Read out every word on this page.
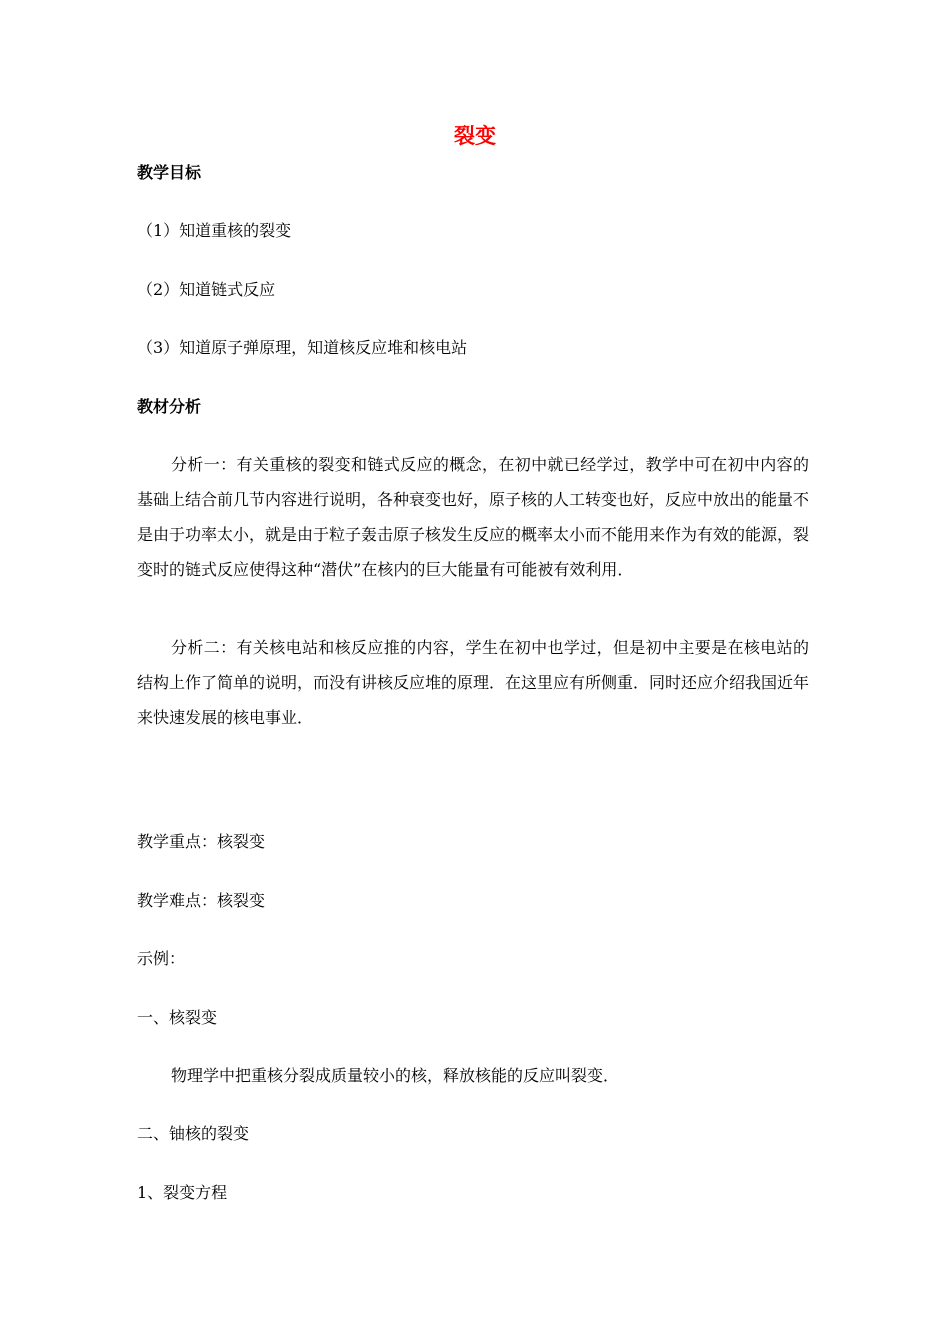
裂变
教学目标
（1）知道重核的裂变
（2）知道链式反应
（3）知道原子弹原理，知道核反应堆和核电站
教材分析
分析一：有关重核的裂变和链式反应的概念，在初中就已经学过，教学中可在初中内容的基础上结合前几节内容进行说明，各种衰变也好，原子核的人工转变也好，反应中放出的能量不是由于功率太小，就是由于粒子轰击原子核发生反应的概率太小而不能用来作为有效的能源，裂变时的链式反应使得这种“潜伏”在核内的巨大能量有可能被有效利用．
分析二：有关核电站和核反应推的内容，学生在初中也学过，但是初中主要是在核电站的结构上作了简单的说明，而没有讲核反应堆的原理．在这里应有所侧重．同时还应介绍我国近年来快速发展的核电事业．
教学重点：核裂变
教学难点：核裂变
示例：
一、核裂变
物理学中把重核分裂成质量较小的核，释放核能的反应叫裂变．
二、铀核的裂变
1、裂变方程
